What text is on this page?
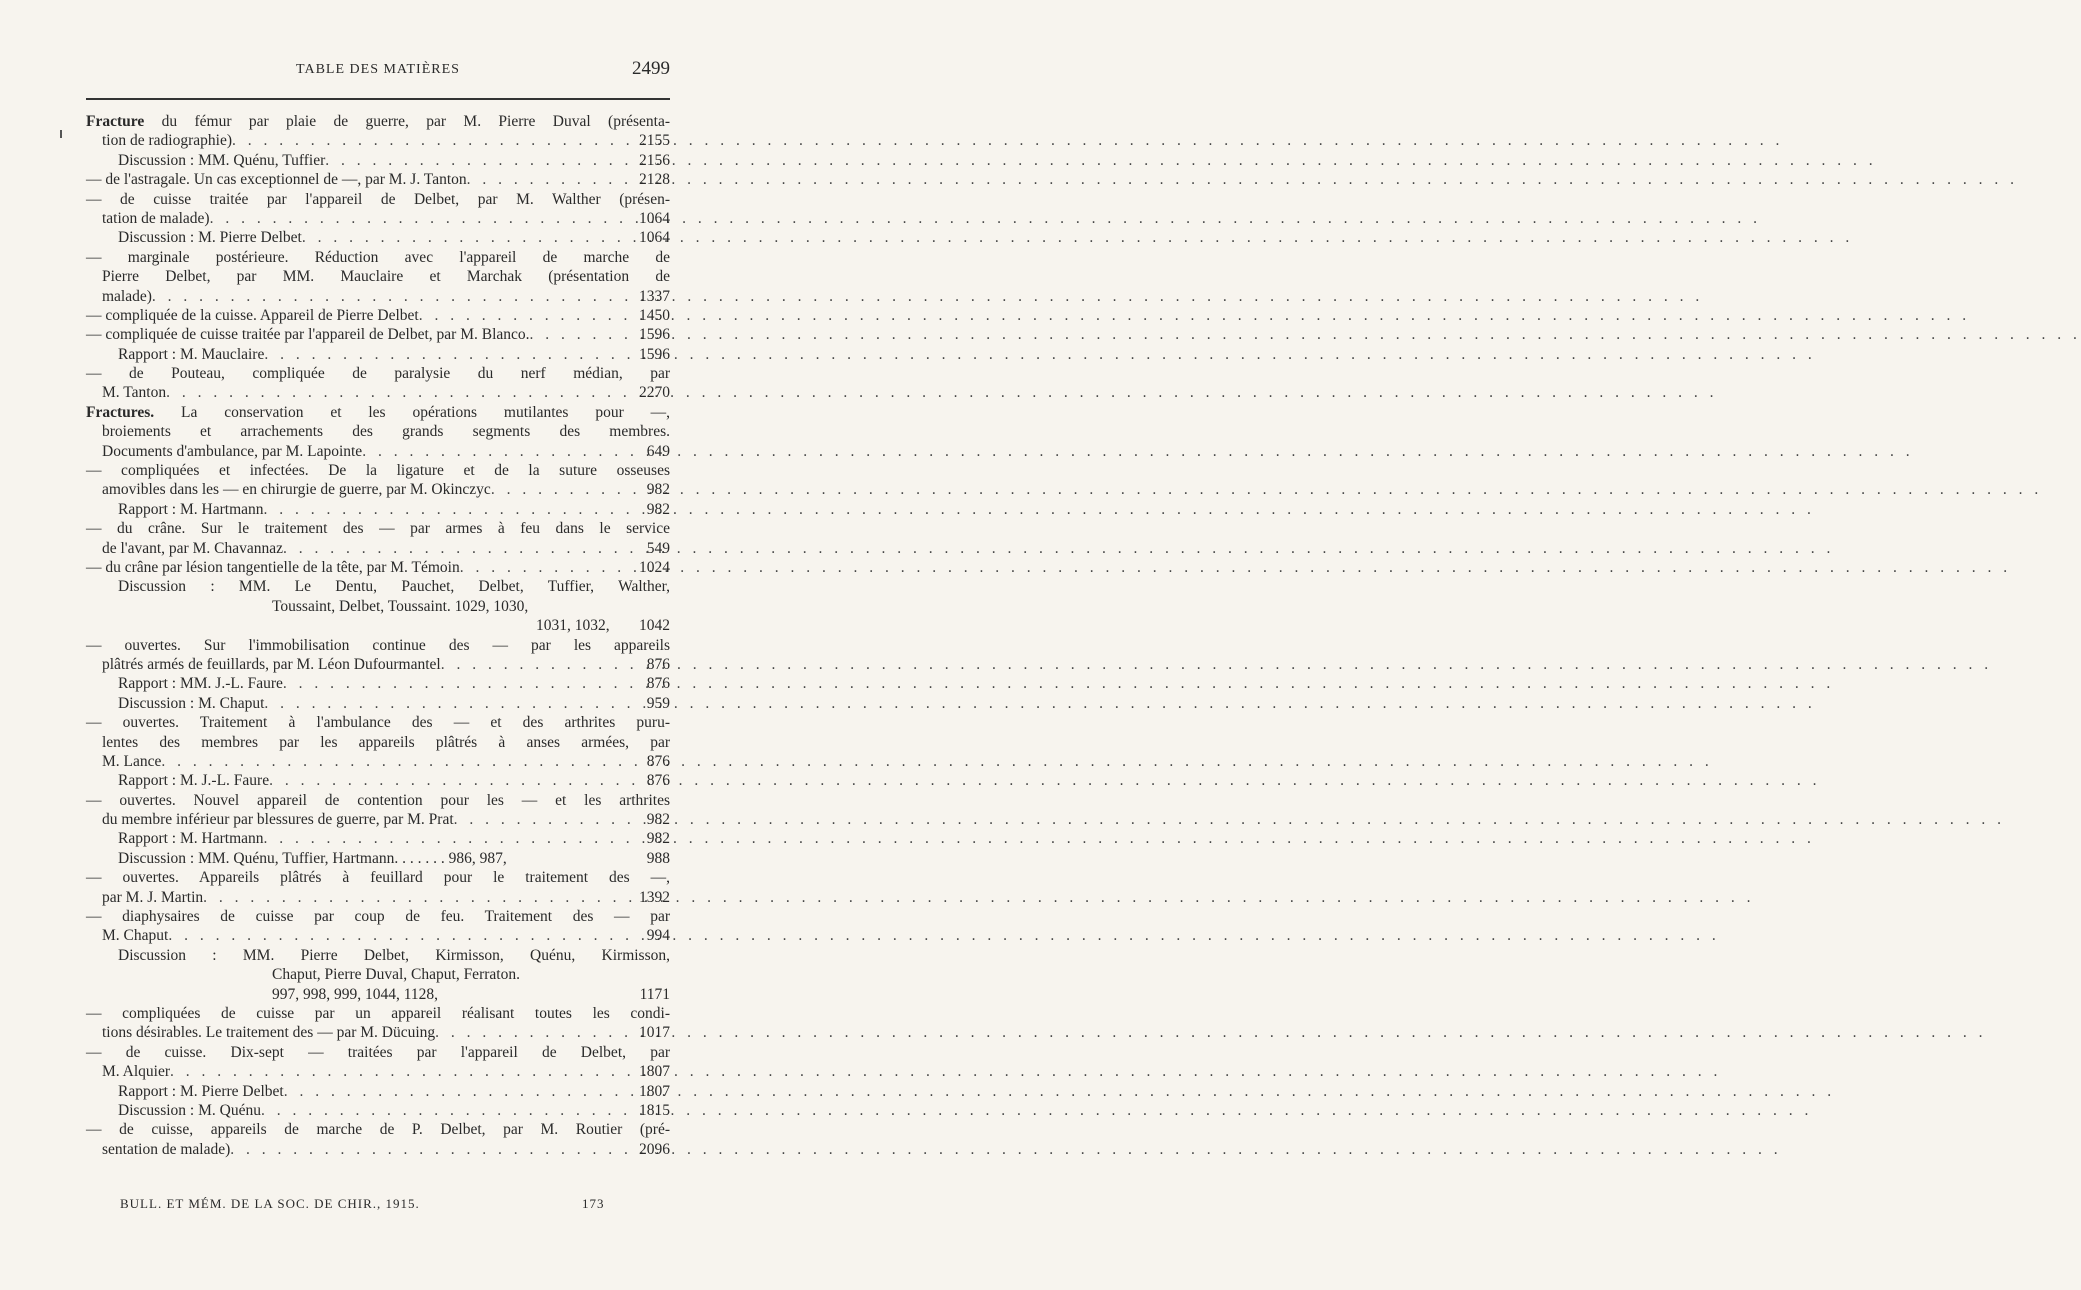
TABLE DES MATIÈRES	2499
Fracture du fémur par plaie de guerre, par M. Pierre Duval (présenta-
tion de radiographie) . . .	2155
Discussion : MM. Quénu, Tuffier . . .	2156
— de l'astragale. Un cas exceptionnel de —, par M. J. Tanton . . .	2128
— de cuisse traitée par l'appareil de Delbet, par M. Walther (présen-
tation de malade) . . .	1064
Discussion : M. Pierre Delbet . . .	1064
— marginale postérieure. Réduction avec l'appareil de marche de
Pierre Delbet, par MM. Mauclaire et Marchak (présentation de
malade) . . .	1337
— compliquée de la cuisse. Appareil de Pierre Delbet . . .	1450
— compliquée de cuisse traitée par l'appareil de Delbet, par M. Blanco. . . .	1596
Rapport : M. Mauclaire . . .	1596
— de Pouteau, compliquée de paralysie du nerf médian, par
M. Tanton . . .	2270
Fractures. La conservation et les opérations mutilantes pour —,
broiements et arrachements des grands segments des membres.
Documents d'ambulance, par M. Lapointe . . .	649
— compliquées et infectées. De la ligature et de la suture osseuses
amovibles dans les — en chirurgie de guerre, par M. Okinczyc . . .	982
Rapport : M. Hartmann . . .	982
— du crâne. Sur le traitement des — par armes à feu dans le service
de l'avant, par M. Chavannaz . . .	549
— du crâne par lésion tangentielle de la tête, par M. Témoin . . .	1024
Discussion : MM. Le Dentu, Pauchet, Delbet, Tuffier, Walther,
Toussaint, Delbet, Toussaint. 1029, 1030,
1031, 1032,	1042
— ouvertes. Sur l'immobilisation continue des — par les appareils
plâtrés armés de feuillards, par M. Léon Dufourmantel . . .	876
Rapport : MM. J.-L. Faure . . .	876
Discussion : M. Chaput . . .	959
— ouvertes. Traitement à l'ambulance des — et des arthrites puru-
lentes des membres par les appareils plâtrés à anses armées, par
M. Lance . . .	876
Rapport : M. J.-L. Faure . . .	876
— ouvertes. Nouvel appareil de contention pour les — et les arthrites
du membre inférieur par blessures de guerre, par M. Prat . . .	982
Rapport : M. Hartmann . . .	982
Discussion : MM. Quénu, Tuffier, Hartmann. . . . . . . 986, 987,	988
— ouvertes. Appareils plâtrés à feuillard pour le traitement des —,
par M. J. Martin . . .	1392
— diaphysaires de cuisse par coup de feu. Traitement des — par
M. Chaput . . .	994
Discussion : MM. Pierre Delbet, Kirmisson, Quénu, Kirmisson,
Chaput, Pierre Duval, Chaput, Ferraton.
997, 998, 999, 1044, 1128,	1171
— compliquées de cuisse par un appareil réalisant toutes les condi-
tions désirables. Le traitement des — par M. Dücuing . . .	1017
— de cuisse. Dix-sept — traitées par l'appareil de Delbet, par
M. Alquier . . .	1807
Rapport : M. Pierre Delbet . . .	1807
Discussion : M. Quénu . . .	1815
— de cuisse, appareils de marche de P. Delbet, par M. Routier (pré-
sentation de malade) . . .	2096
BULL. ET MÉM. DE LA SOC. DE CHIR., 1915.	173
